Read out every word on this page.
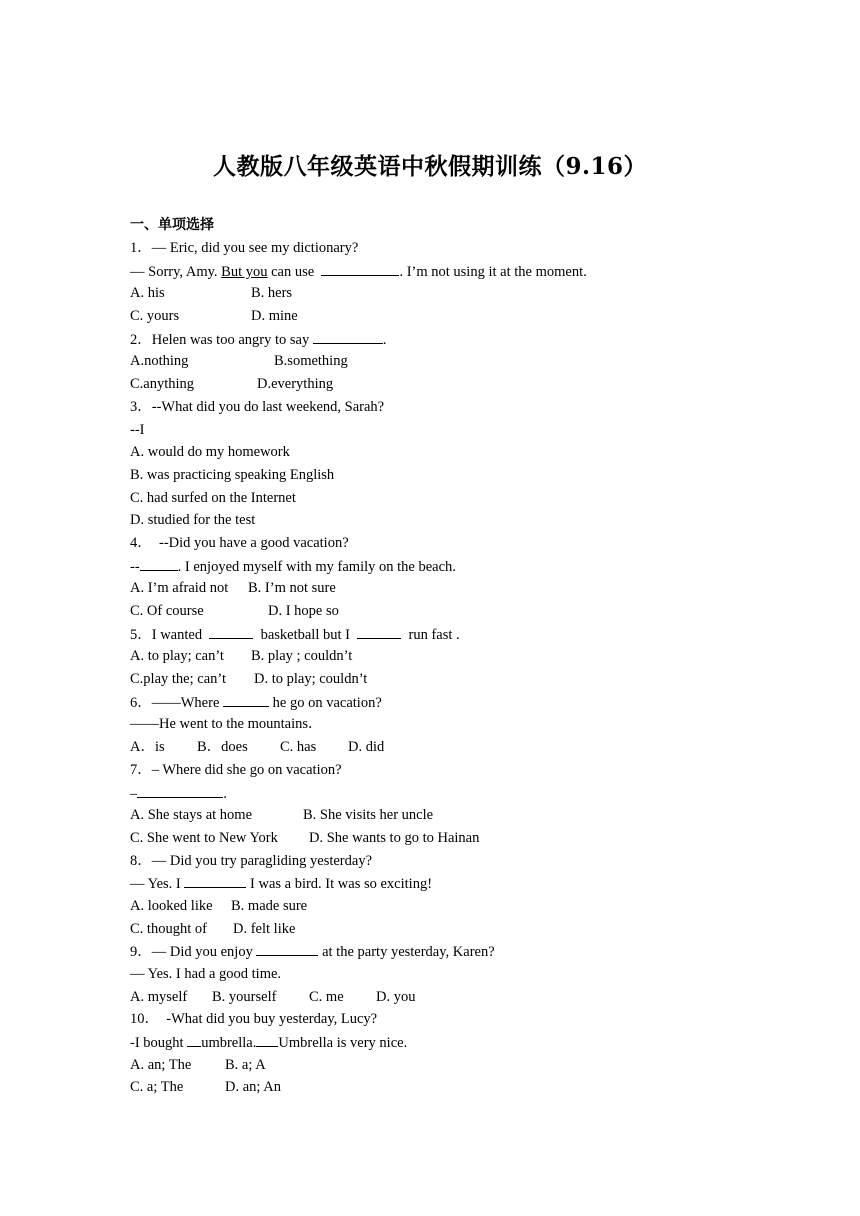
人教版八年级英语中秋假期训练（9.16）
一、单项选择
1．— Eric, did you see my dictionary?
— Sorry, Amy. But you can use	. I’m not using it at the moment.
A. his	B. hers
C. yours	D. mine
2．Helen was too angry to say	.
A.nothing	B.something
C.anything	D.everything
3．--What did you do last weekend, Sarah?
--I
A. would do my homework
B. was practicing speaking English
C. had surfed on the Internet
D. studied for the test
4．  --Did you have a good vacation?
--	. I enjoyed myself with my family on the beach.
A. I’m afraid not B. I’m not sure
C. Of course	D. I hope so
5．I wanted	basketball but I	run fast .
A. to play; can’t B. play ; couldn’t
C.play the; can’t D. to play; couldn’t
6．——Where	he go on vacation?
——He went to the mountains．
A．is B．does C. has D. did
7．– Where did she go on vacation?
–	.
A. She stays at home	B. She visits her uncle
C. She went to New York D. She wants to go to Hainan
8．— Did you try paragliding yesterday?
— Yes. I	I was a bird. It was so exciting!
A. looked like B. made sure
C. thought of D. felt like
9．— Did you enjoy	at the party yesterday, Karen?
— Yes. I had a good time.
A. myself B. yourself C. me D. you
10．  -What did you buy yesterday, Lucy?
-I bought umbrella. Umbrella is very nice.
A. an; The B. a; A
C. a; The	D. an; An
